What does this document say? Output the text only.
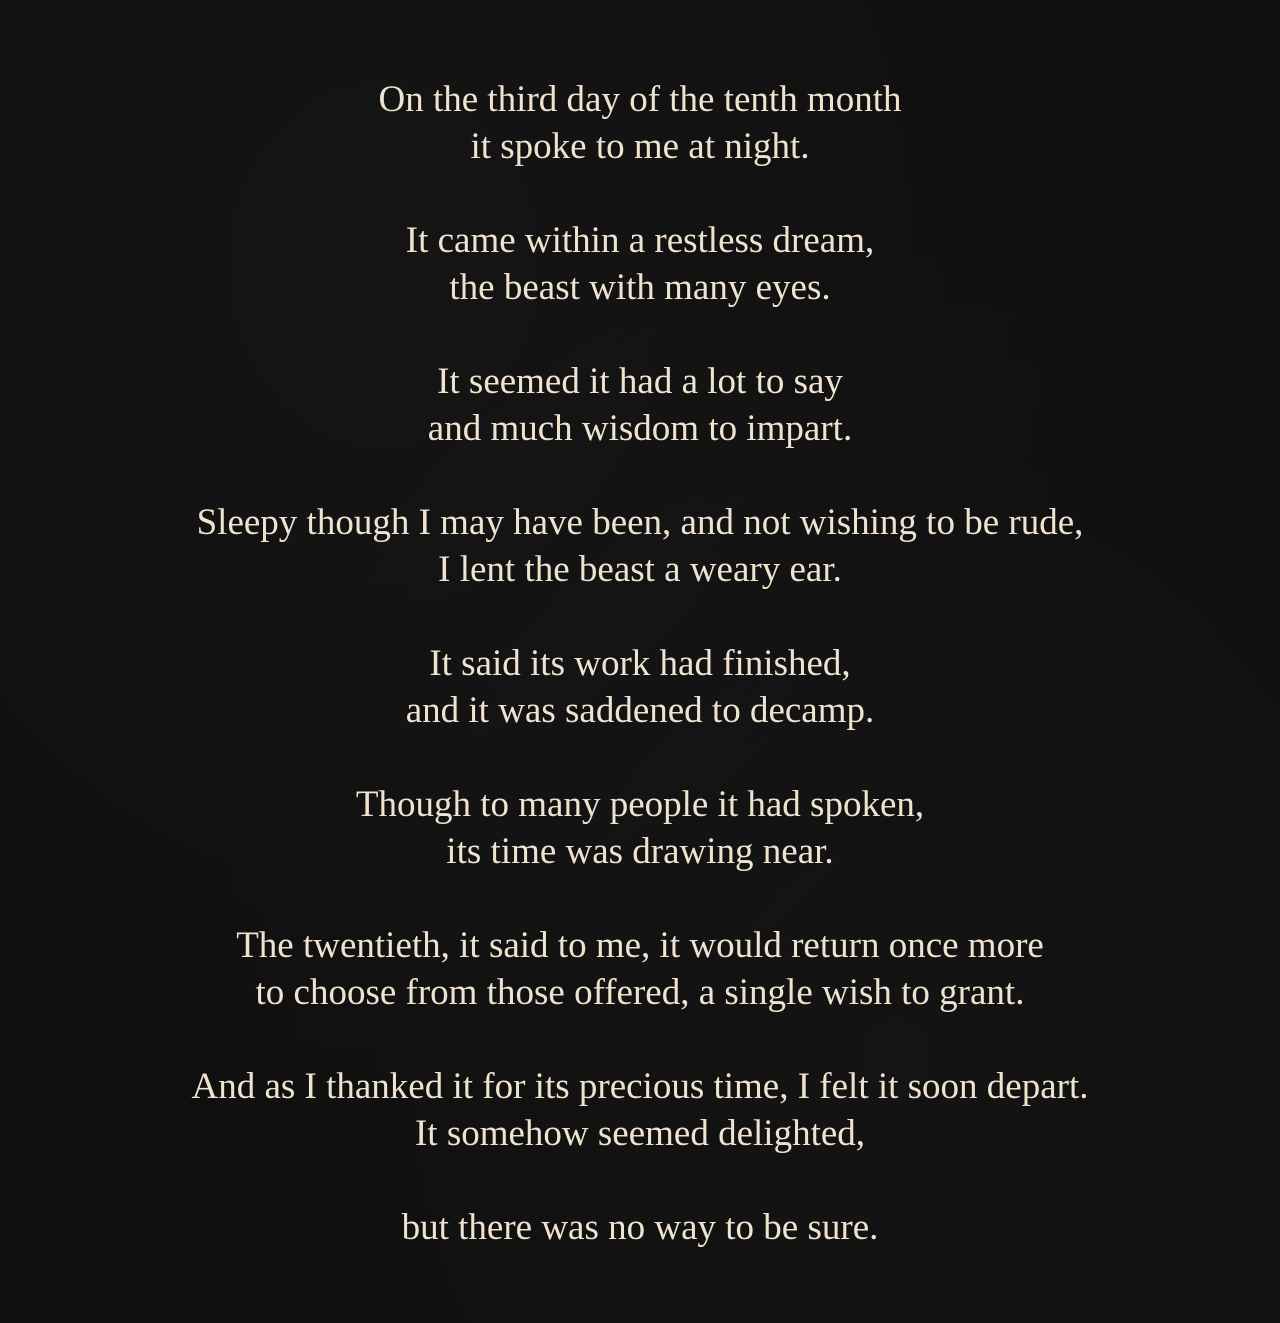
On the third day of the tenth month
it spoke to me at night.
It came within a restless dream,
the beast with many eyes.
It seemed it had a lot to say
and much wisdom to impart.
Sleepy though I may have been, and not wishing to be rude,
I lent the beast a weary ear.
It said its work had finished,
and it was saddened to decamp.
Though to many people it had spoken,
its time was drawing near.
The twentieth, it said to me, it would return once more
to choose from those offered, a single wish to grant.
And as I thanked it for its precious time, I felt it soon depart.
It somehow seemed delighted,
but there was no way to be sure.
